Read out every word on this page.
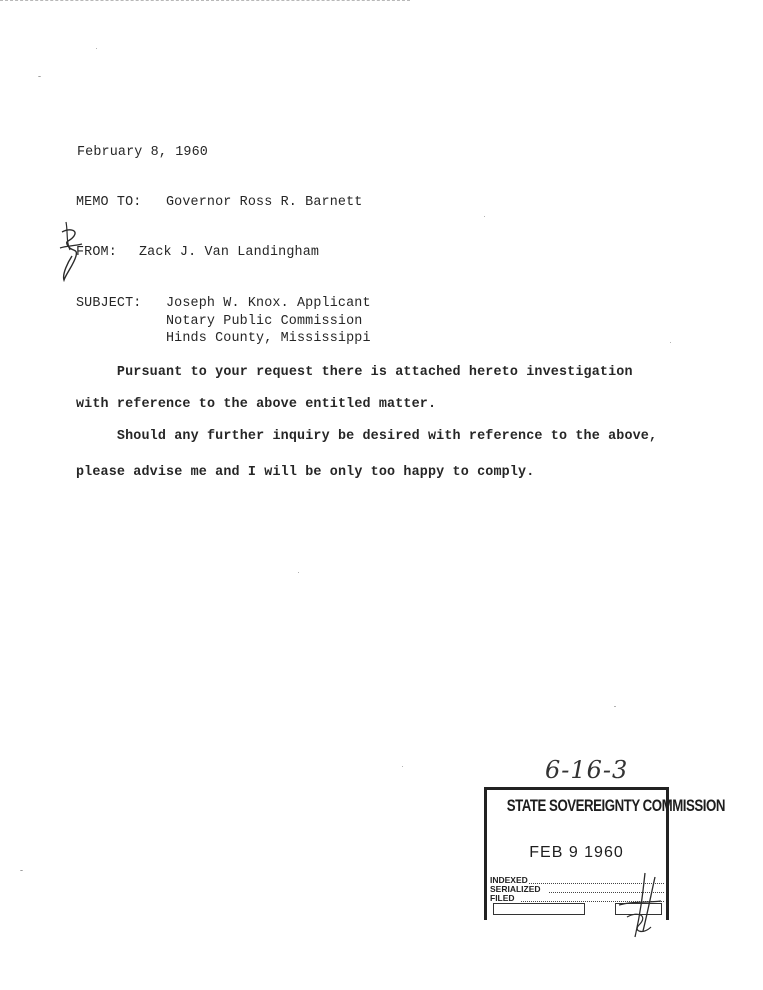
February 8, 1960
MEMO TO: Governor Ross R. Barnett
FROM: Zack J. Van Landingham
SUBJECT: Joseph W. Knox. Applicant
Notary Public Commission
Hinds County, Mississippi
Pursuant to your request there is attached hereto investigation
with reference to the above entitled matter.
Should any further inquiry be desired with reference to the above,
please advise me and I will be only too happy to comply.
6-16-3
STATE SOVEREIGNTY COMMISSION
FEB 9 1960
INDEXED
SERIALIZED
FILED
